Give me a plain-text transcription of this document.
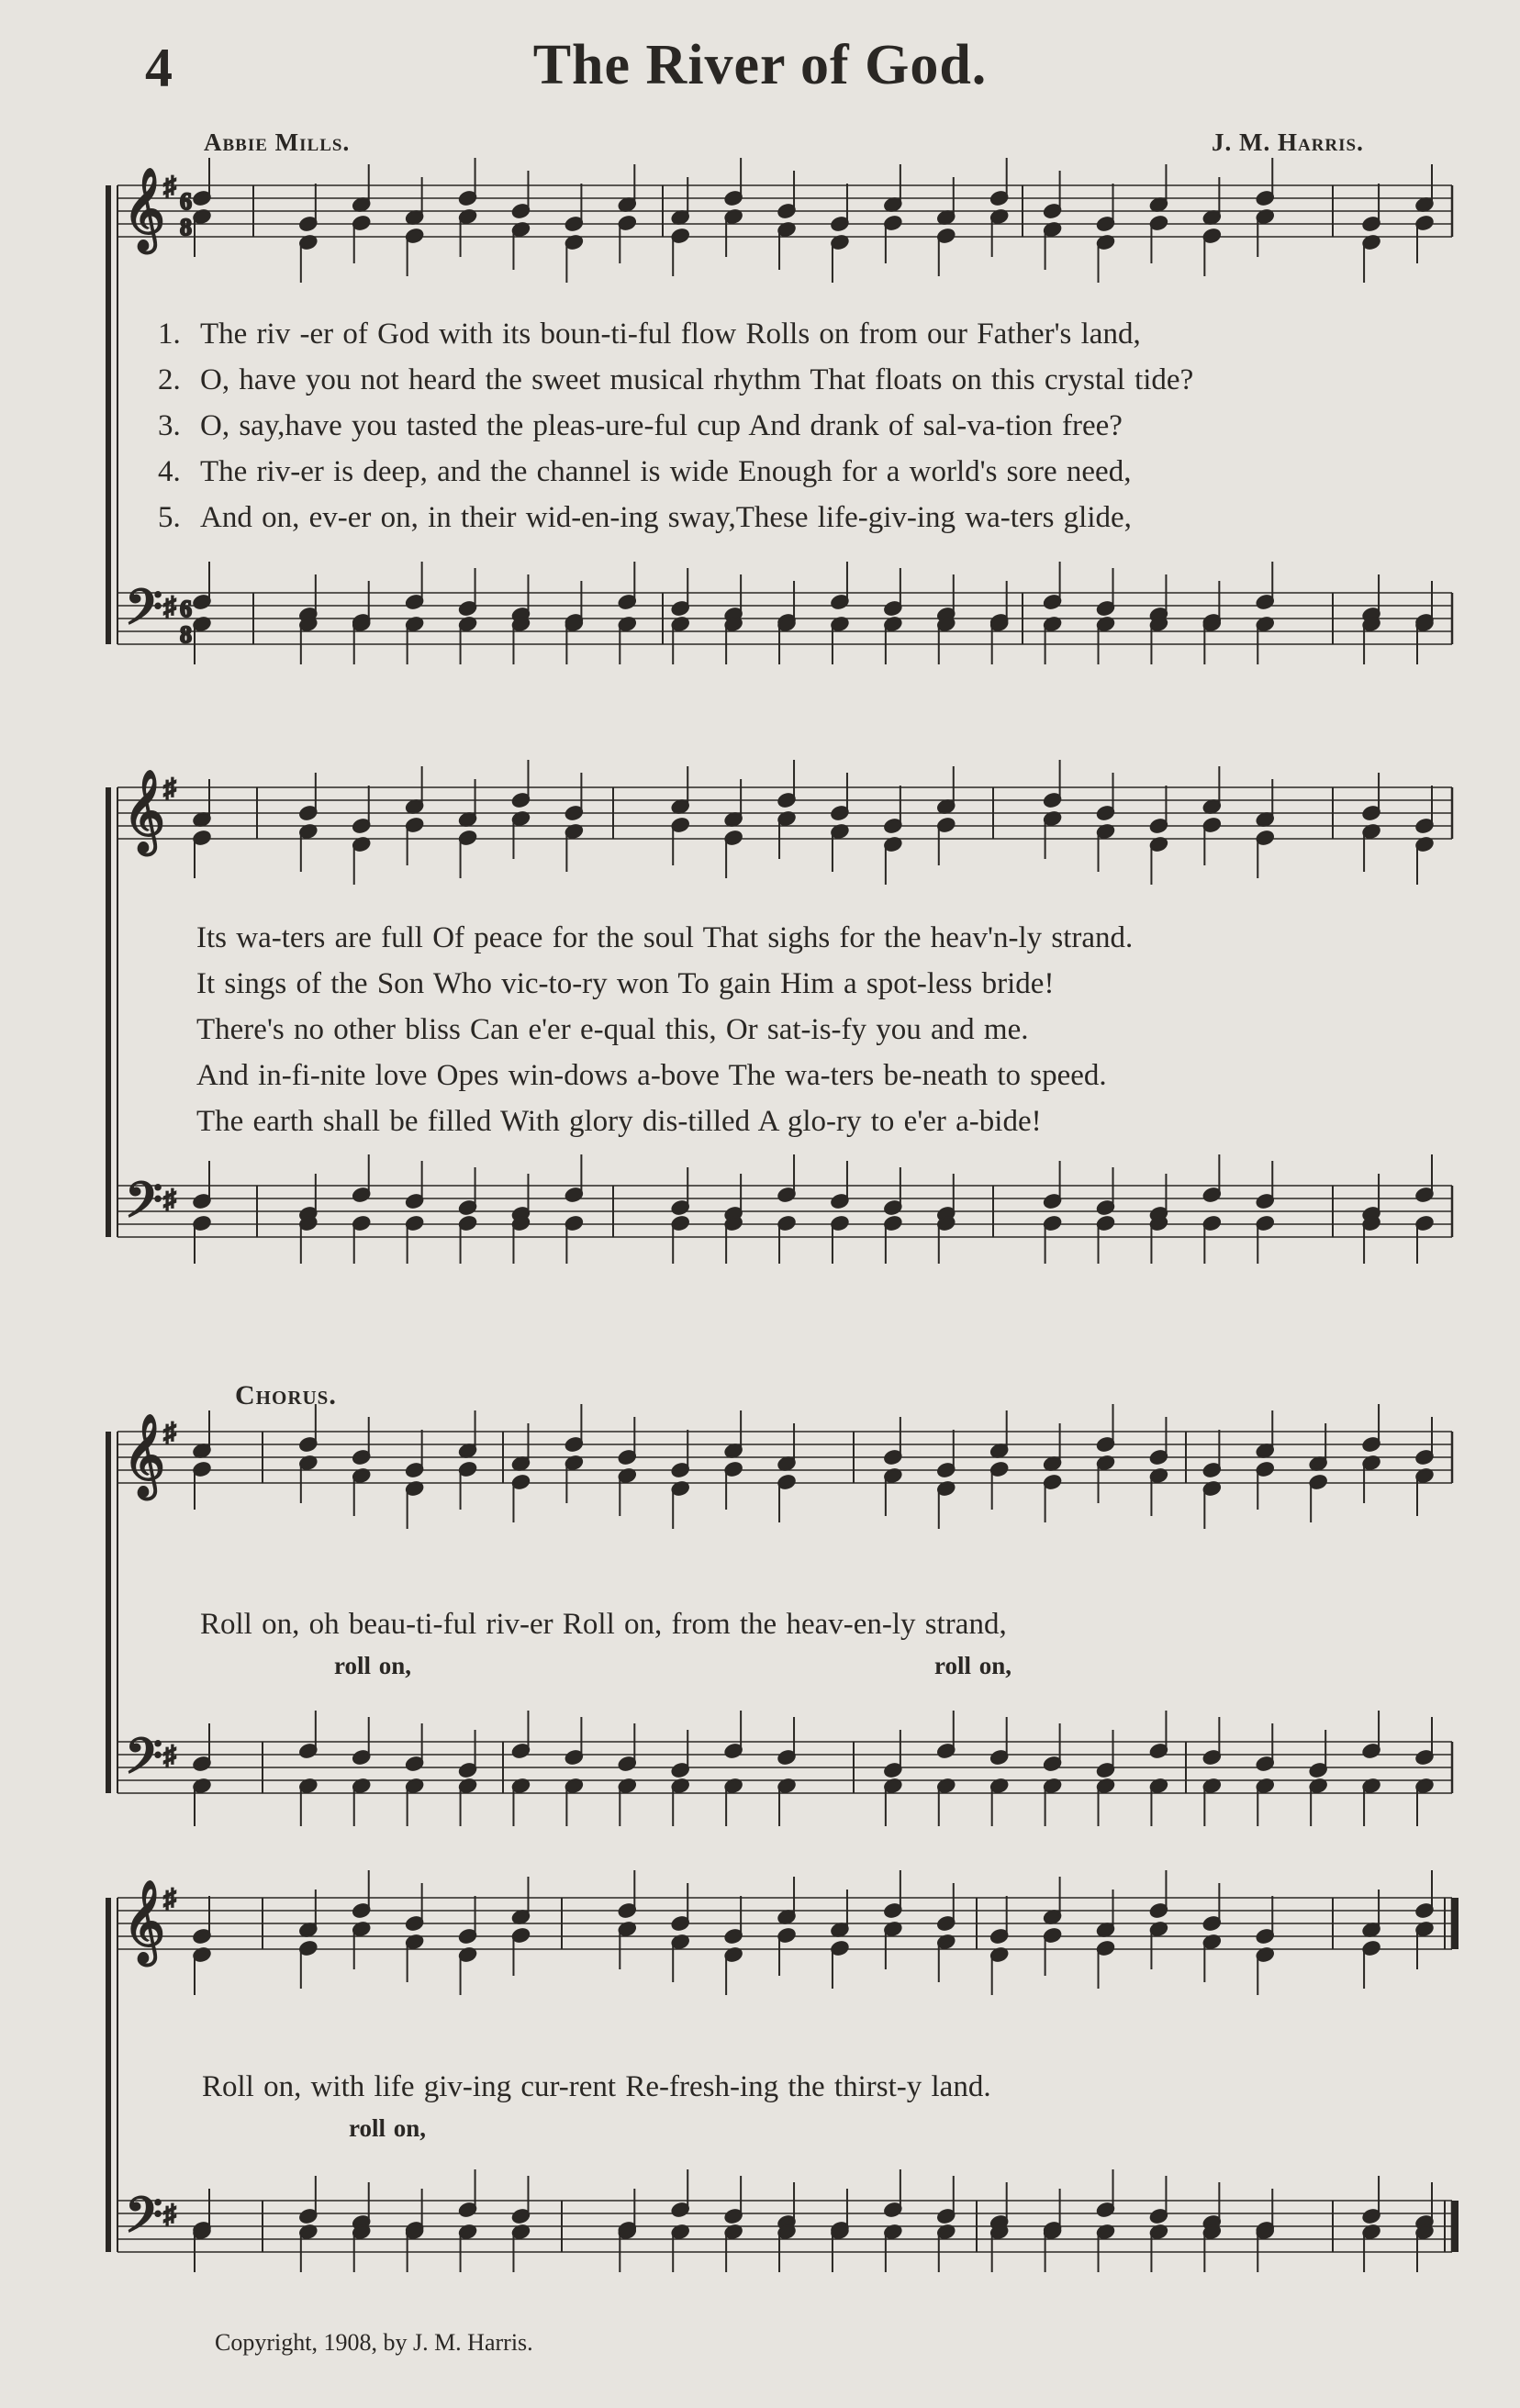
4	The River of God.
Abbie Mills.	J. M. Harris.
𝄞
𝄢
♯
♯
6
8
6
8
𝄞
𝄢
♯
♯
𝄞
𝄢
♯
♯
𝄞
𝄢
♯
♯
1. The riv -er of God with its boun-ti-ful flow Rolls on from our Father's land,
2. O, have you not heard the sweet musical rhythm That floats on this crystal tide?
3. O, say,have you tasted the pleas-ure-ful cup And drank of sal-va-tion free?
4. The riv-er is deep, and the channel is wide Enough for a world's sore need,
5. And on, ev-er on, in their wid-en-ing sway,These life-giv-ing wa-ters glide,
Its wa-ters are full Of peace for the soul That sighs for the heav'n-ly strand.
It sings of the Son Who vic-to-ry won To gain Him a spot-less bride!
There's no other bliss Can e'er e-qual this, Or sat-is-fy you and me.
And in-fi-nite love Opes win-dows a-bove The wa-ters be-neath to speed.
The earth shall be filled With glory dis-tilled A glo-ry to e'er a-bide!
Chorus.
Roll on, oh beau-ti-ful riv-er Roll on, from the heav-en-ly strand,
roll on,	roll on,
Roll on, with life giv-ing cur-rent Re-fresh-ing the thirst-y land.
roll on,
Copyright, 1908, by J. M. Harris.
